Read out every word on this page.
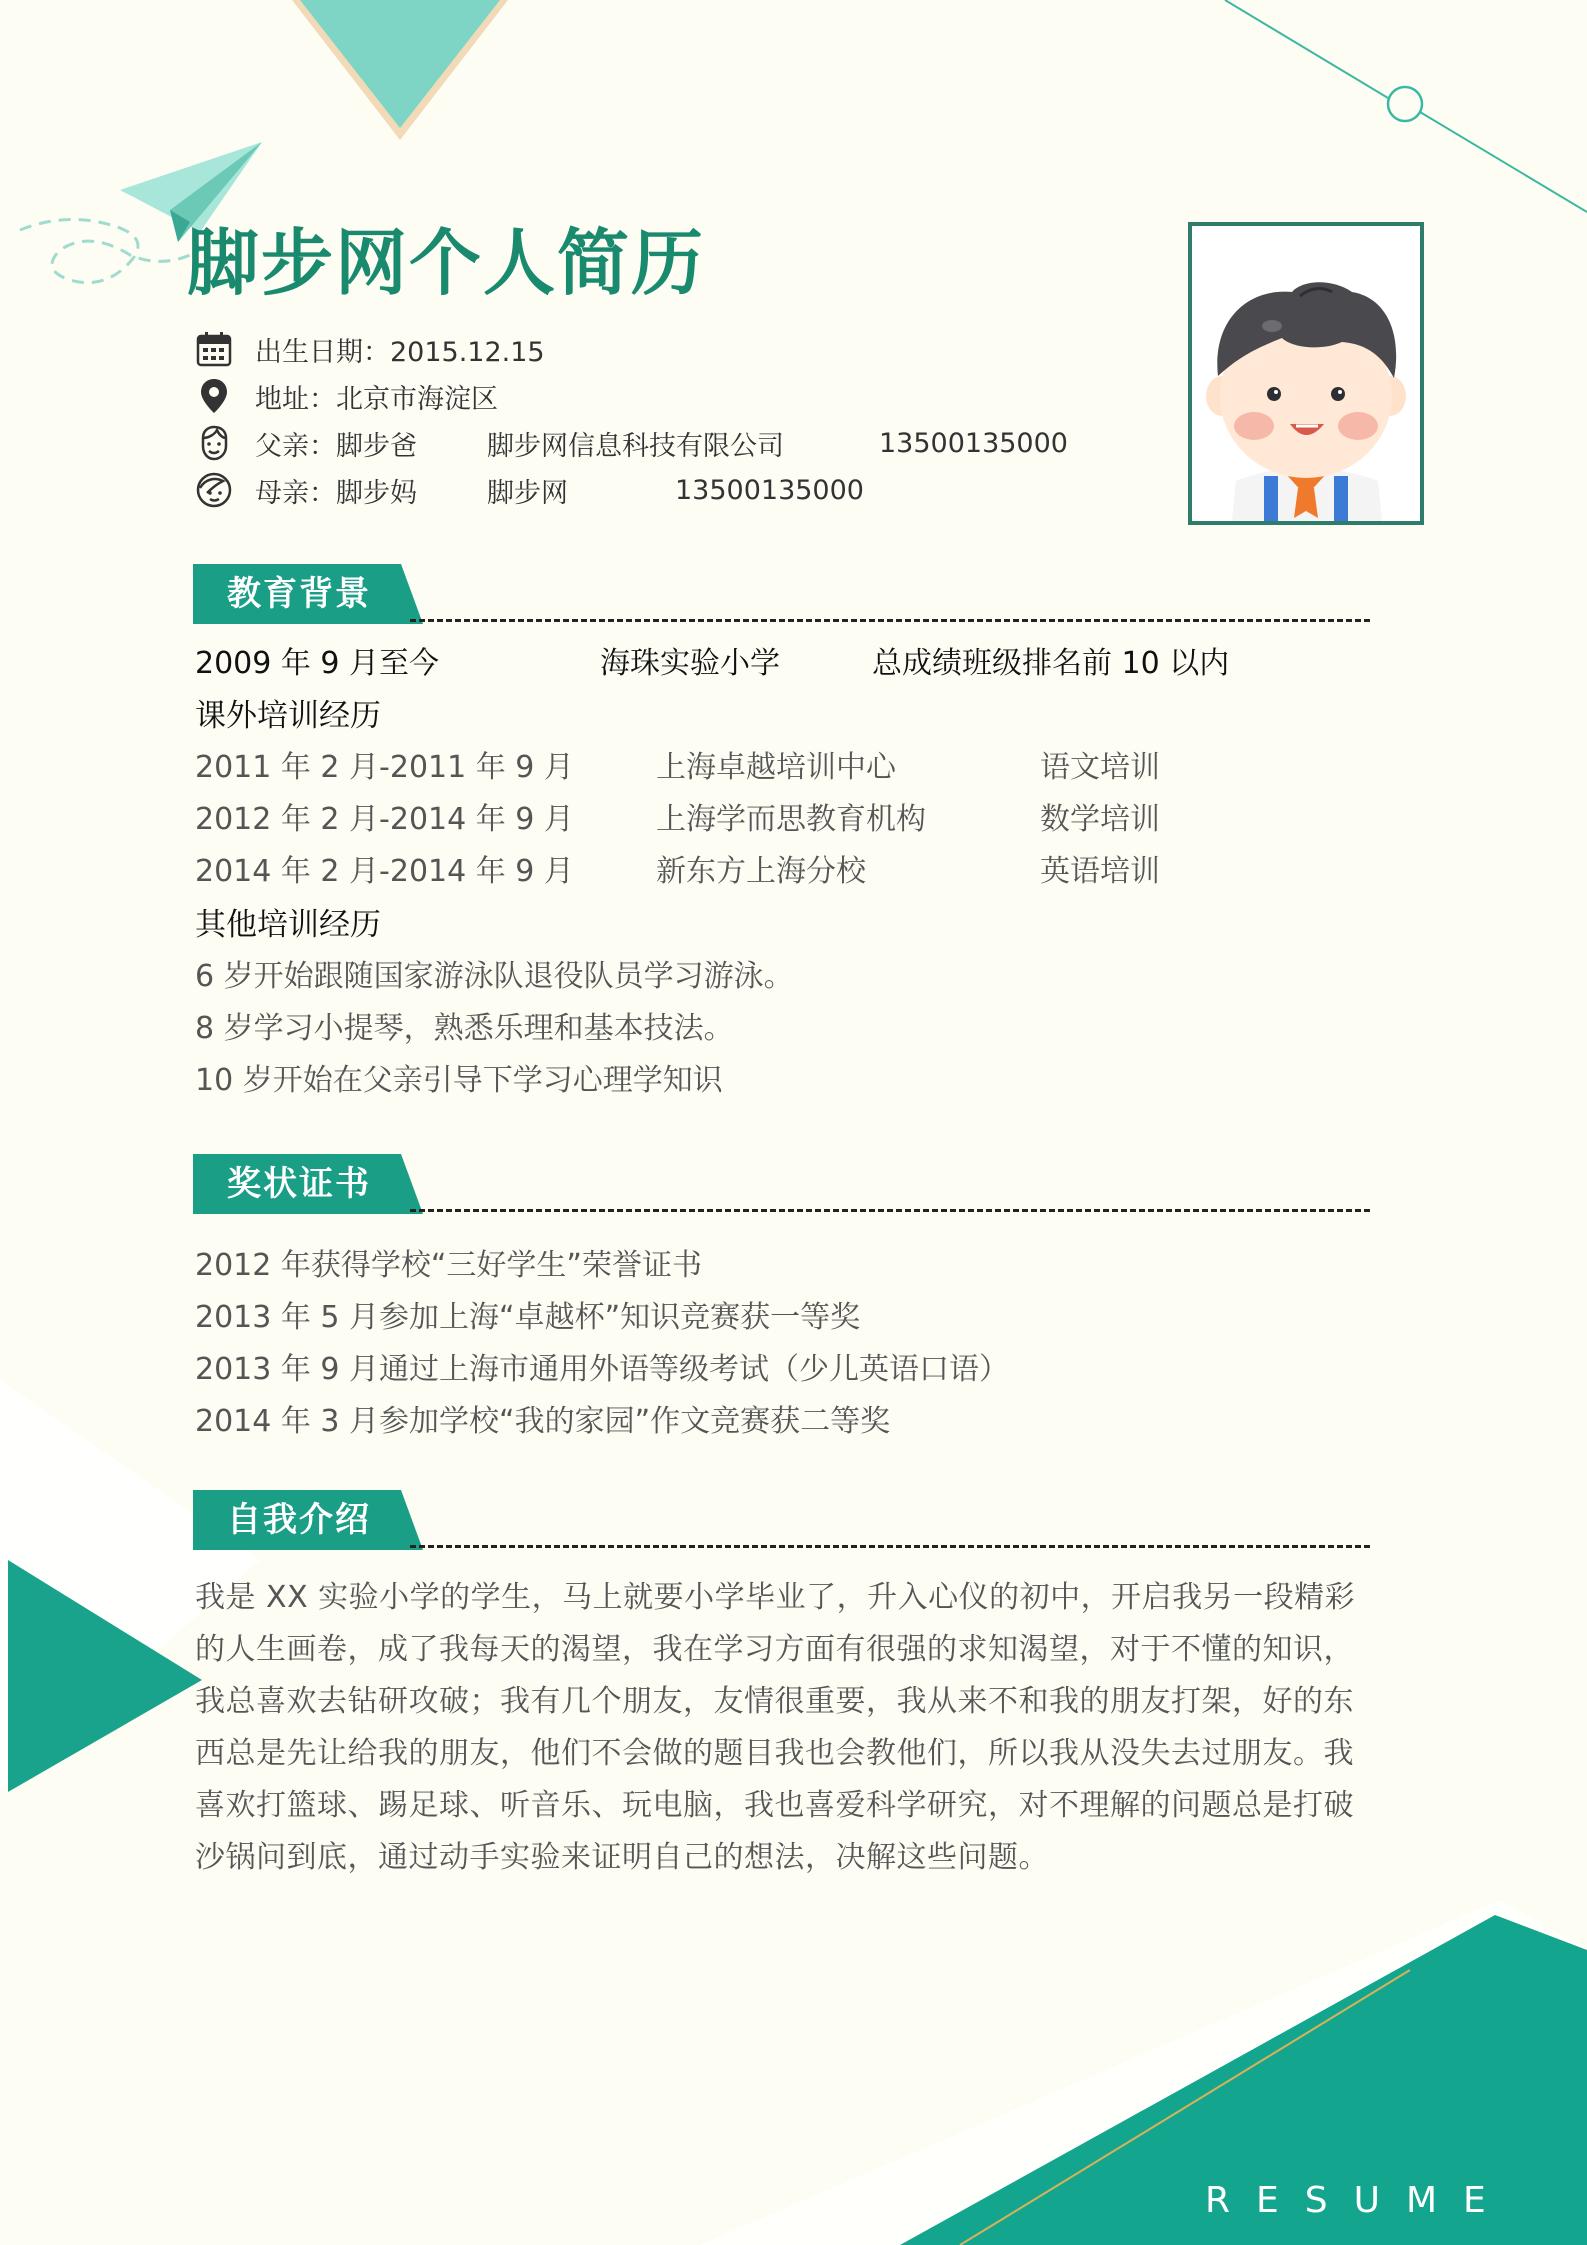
脚步网个人简历
出生日期：2015.12.15
地址：北京市海淀区
父亲：脚步爸	脚步网信息科技有限公司	13500135000
母亲：脚步妈	脚步网	13500135000
教育背景
2009 年 9 月至今	海珠实验小学	总成绩班级排名前 10 以内
课外培训经历
2011 年 2 月-2011 年 9 月	上海卓越培训中心	语文培训
2012 年 2 月-2014 年 9 月	上海学而思教育机构	数学培训
2014 年 2 月-2014 年 9 月	新东方上海分校	英语培训
其他培训经历
6 岁开始跟随国家游泳队退役队员学习游泳。
8 岁学习小提琴，熟悉乐理和基本技法。
10 岁开始在父亲引导下学习心理学知识
奖状证书
2012 年获得学校“三好学生”荣誉证书
2013 年 5 月参加上海“卓越杯”知识竞赛获一等奖
2013 年 9 月通过上海市通用外语等级考试（少儿英语口语）
2014 年 3 月参加学校“我的家园”作文竞赛获二等奖
自我介绍
我是 XX 实验小学的学生，马上就要小学毕业了，升入心仪的初中，开启我另一段精彩的人生画卷，成了我每天的渴望，我在学习方面有很强的求知渴望，对于不懂的知识，我总喜欢去钻研攻破；我有几个朋友，友情很重要，我从来不和我的朋友打架，好的东西总是先让给我的朋友，他们不会做的题目我也会教他们，所以我从没失去过朋友。我喜欢打篮球、踢足球、听音乐、玩电脑，我也喜爱科学研究，对不理解的问题总是打破沙锅问到底，通过动手实验来证明自己的想法，决解这些问题。
RESUME
